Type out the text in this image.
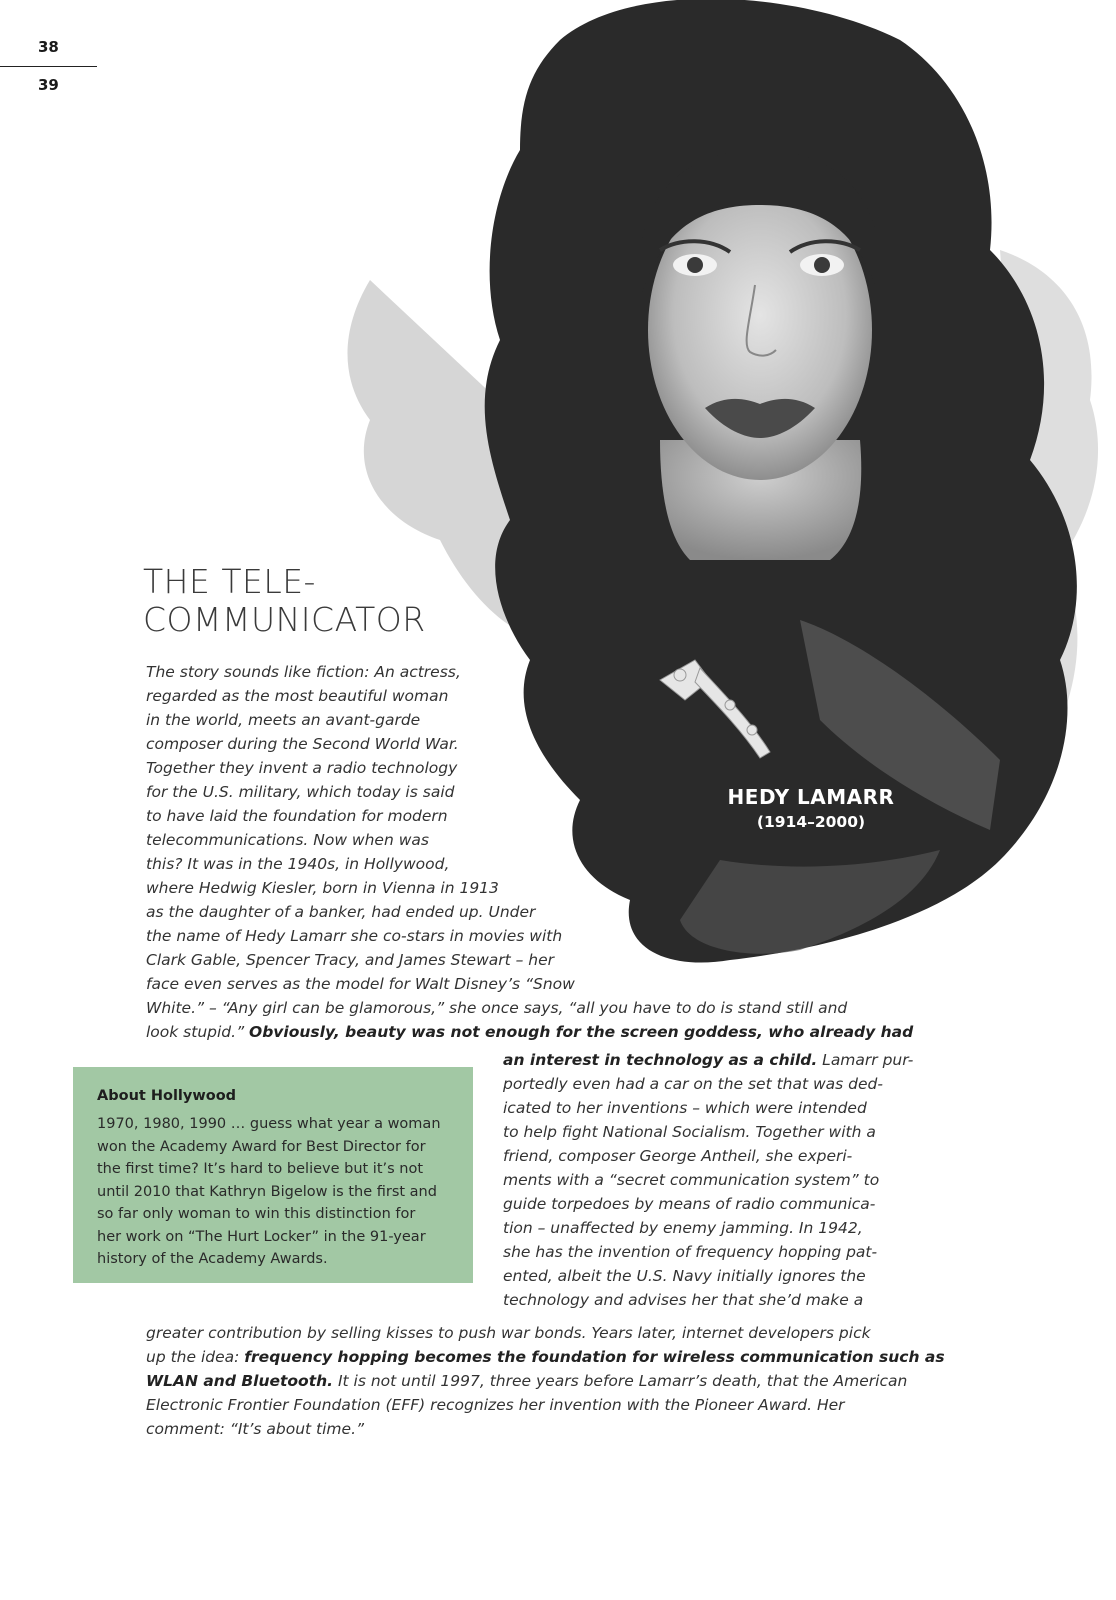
38
39
THE TELE-
COMMUNICATOR
The story sounds like fiction: An actress,
regarded as the most beautiful woman
in the world, meets an avant-garde
composer during the Second World War.
Together they invent a radio technology
for the U.S. military, which today is said
to have laid the foundation for modern
telecommunications. Now when was
this? It was in the 1940s, in Hollywood,
where Hedwig Kiesler, born in Vienna in 1913
as the daughter of a banker, had ended up. Under
the name of Hedy Lamarr she co-stars in movies with
Clark Gable, Spencer Tracy, and James Stewart – her
face even serves as the model for Walt Disney’s “Snow
White.” – “Any girl can be glamorous,” she once says, “all you have to do is stand still and
look stupid.” Obviously, beauty was not enough for the screen goddess, who already had
HEDY LAMARR
(1914–2000)
About Hollywood
1970, 1980, 1990 … guess what year a woman
won the Academy Award for Best Director for
the first time? It’s hard to believe but it’s not
until 2010 that Kathryn Bigelow is the first and
so far only woman to win this distinction for
her work on “The Hurt Locker” in the 91-year
history of the Academy Awards.
an interest in technology as a child. Lamarr pur-
portedly even had a car on the set that was ded-
icated to her inventions – which were intended
to help fight National Socialism. Together with a
friend, composer George Antheil, she experi-
ments with a “secret communication system” to
guide torpedoes by means of radio communica-
tion – unaffected by enemy jamming. In 1942,
she has the invention of frequency hopping pat-
ented, albeit the U.S. Navy initially ignores the
technology and advises her that she’d make a
greater contribution by selling kisses to push war bonds. Years later, internet developers pick
up the idea: frequency hopping becomes the foundation for wireless communication such as
WLAN and Bluetooth. It is not until 1997, three years before Lamarr’s death, that the American
Electronic Frontier Foundation (EFF) recognizes her invention with the Pioneer Award. Her
comment: “It’s about time.”
